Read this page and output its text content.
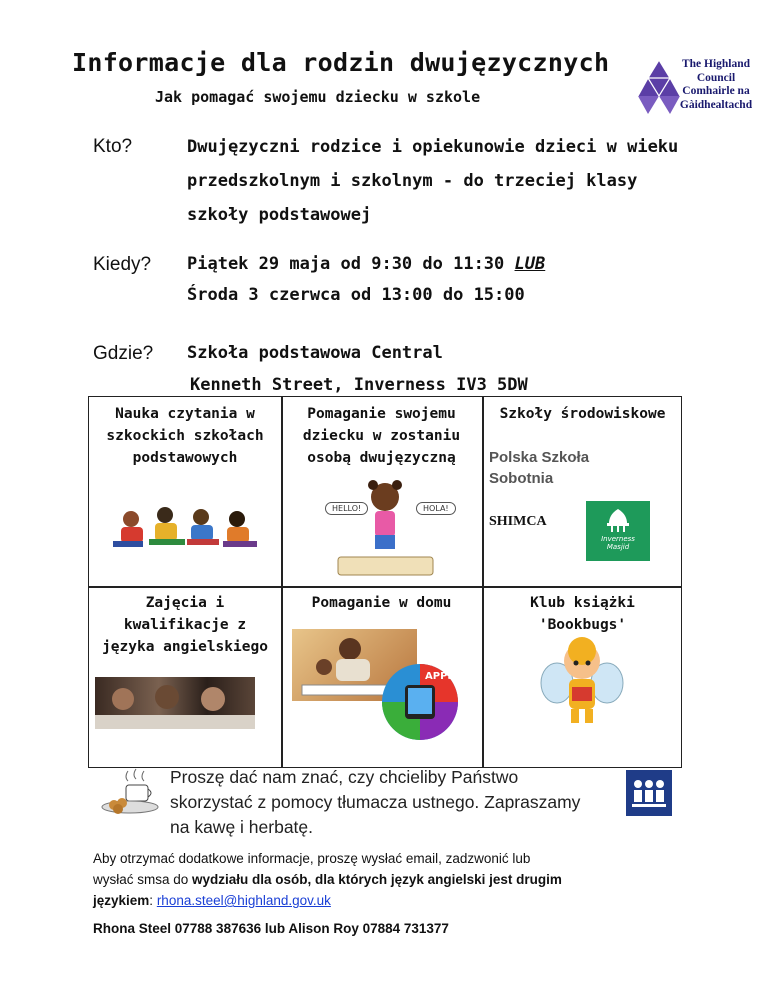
Informacje dla rodzin dwujęzycznych
Jak pomagać swojemu dziecku w szkole
The Highland
Council
Comhairle na
Gàidhealtachd
Kto?	Dwujęzyczni rodzice i opiekunowie dzieci w wieku
przedszkolnym i szkolnym - do trzeciej klasy
szkoły podstawowej
Kiedy? Piątek 29 maja od 9:30 do 11:30 LUB
Środa 3 czerwca od 13:00 do 15:00
Gdzie? Szkoła podstawowa Central
Kenneth Street, Inverness IV3 5DW
Nauka czytania w
szkockich szkołach
podstawowych
Pomaganie swojemu
dziecku w zostaniu
osobą dwujęzyczną
HELLO!	HOLA!
Szkoły środowiskowe
Polska Szkoła
Sobotnia
SHIMCA
Inverness
Masjid
Zajęcia i
kwalifikacje z
języka angielskiego
Pomaganie w domu
APPS
Klub książki
'Bookbugs'
Proszę dać nam znać, czy chcieliby Państwo
skorzystać z pomocy tłumacza ustnego. Zapraszamy
na kawę i herbatę.
Aby otrzymać dodatkowe informacje, proszę wysłać email, zadzwonić lub
wysłać smsa do wydziału dla osób, dla których język angielski jest drugim
językiem: rhona.steel@highland.gov.uk
Rhona Steel 07788 387636 lub Alison Roy 07884 731377
